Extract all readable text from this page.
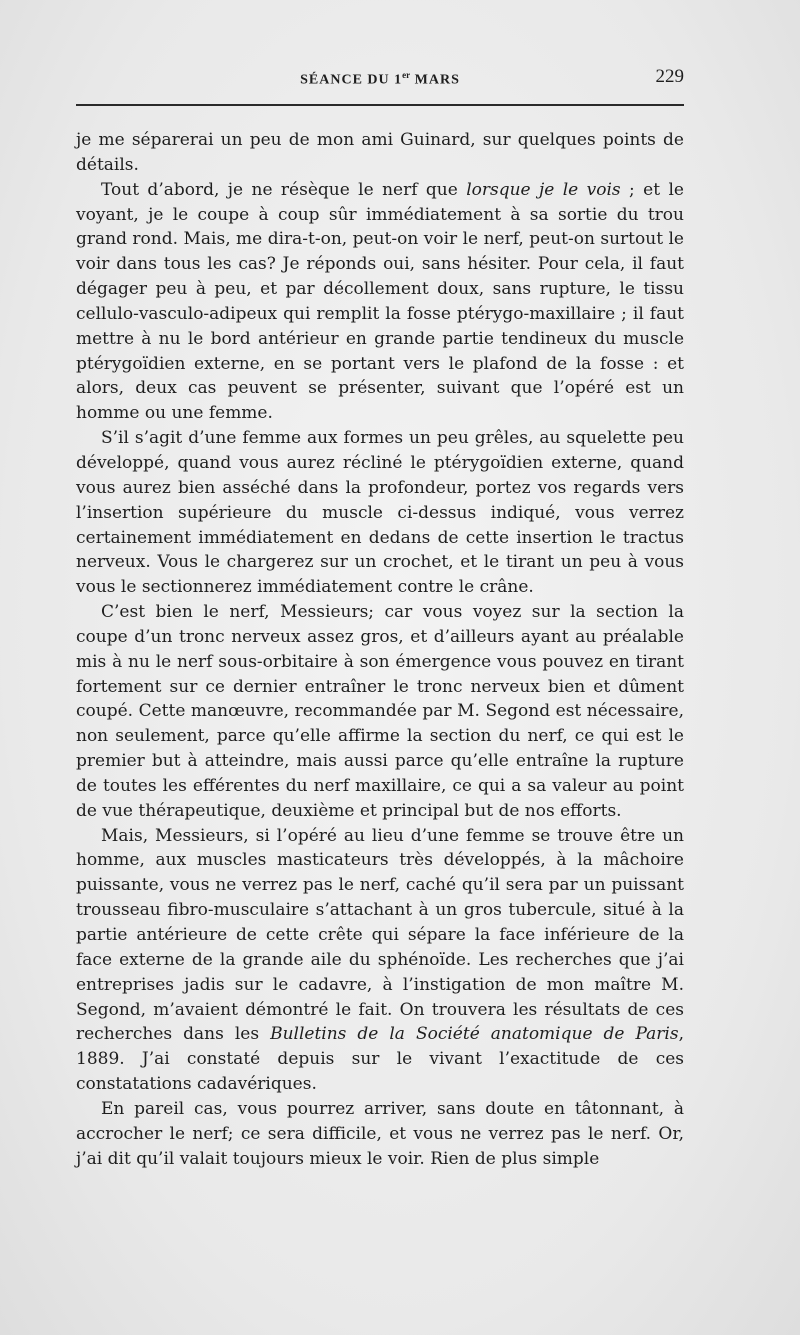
SÉANCE DU 1er MARS	229

je me séparerai un peu de mon ami Guinard, sur quelques points de détails.

Tout d’abord, je ne résèque le nerf que lorsque je le vois ; et le voyant, je le coupe à coup sûr immédiatement à sa sortie du trou grand rond. Mais, me dira-t-on, peut-on voir le nerf, peut-on surtout le voir dans tous les cas? Je réponds oui, sans hésiter. Pour cela, il faut dégager peu à peu, et par décollement doux, sans rupture, le tissu cellulo-vasculo-adipeux qui remplit la fosse ptérygo-maxillaire ; il faut mettre à nu le bord antérieur en grande partie tendineux du muscle ptérygoïdien externe, en se portant vers le plafond de la fosse : et alors, deux cas peuvent se présenter, suivant que l’opéré est un homme ou une femme.

S’il s’agit d’une femme aux formes un peu grêles, au squelette peu développé, quand vous aurez récliné le ptérygoïdien externe, quand vous aurez bien asséché dans la profondeur, portez vos regards vers l’insertion supérieure du muscle ci-dessus indiqué, vous verrez certainement immédiatement en dedans de cette insertion le tractus nerveux. Vous le chargerez sur un crochet, et le tirant un peu à vous vous le sectionnerez immédiatement contre le crâne.

C’est bien le nerf, Messieurs; car vous voyez sur la section la coupe d’un tronc nerveux assez gros, et d’ailleurs ayant au préalable mis à nu le nerf sous-orbitaire à son émergence vous pouvez en tirant fortement sur ce dernier entraîner le tronc nerveux bien et dûment coupé. Cette manœuvre, recommandée par M. Segond est nécessaire, non seulement, parce qu’elle affirme la section du nerf, ce qui est le premier but à atteindre, mais aussi parce qu’elle entraîne la rupture de toutes les efférentes du nerf maxillaire, ce qui a sa valeur au point de vue thérapeutique, deuxième et principal but de nos efforts.

Mais, Messieurs, si l’opéré au lieu d’une femme se trouve être un homme, aux muscles masticateurs très développés, à la mâchoire puissante, vous ne verrez pas le nerf, caché qu’il sera par un puissant trousseau fibro-musculaire s’attachant à un gros tubercule, situé à la partie antérieure de cette crête qui sépare la face inférieure de la face externe de la grande aile du sphénoïde. Les recherches que j’ai entreprises jadis sur le cadavre, à l’instigation de mon maître M. Segond, m’avaient démontré le fait. On trouvera les résultats de ces recherches dans les Bulletins de la Société anatomique de Paris, 1889. J’ai constaté depuis sur le vivant l’exactitude de ces constatations cadavériques.

En pareil cas, vous pourrez arriver, sans doute en tâtonnant, à accrocher le nerf; ce sera difficile, et vous ne verrez pas le nerf. Or, j’ai dit qu’il valait toujours mieux le voir. Rien de plus simple
